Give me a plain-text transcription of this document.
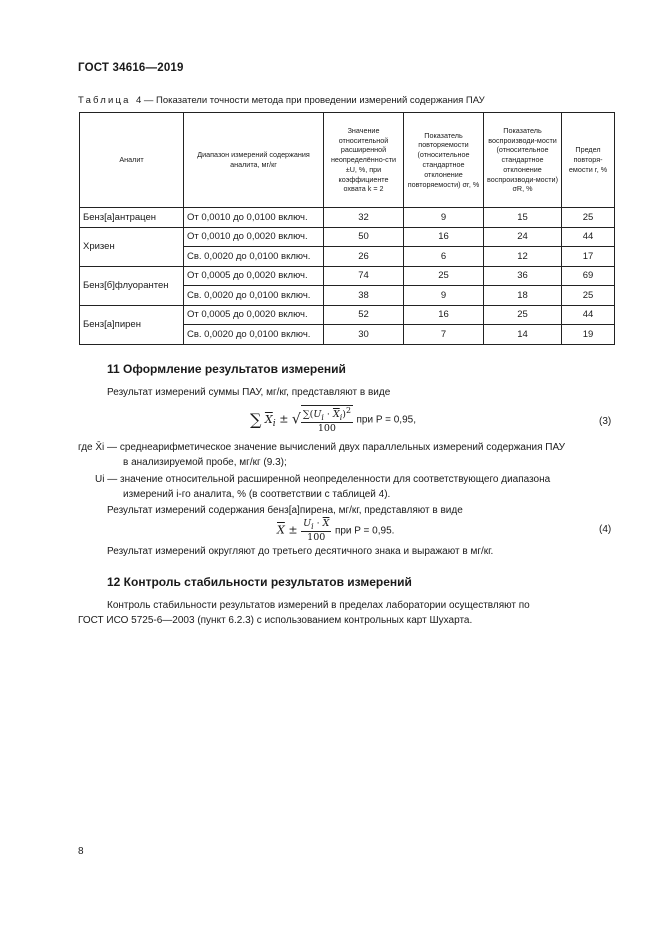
ГОСТ 34616—2019
Таблица 4 — Показатели точности метода при проведении измерений содержания ПАУ
Аналит	Диапазон измерений содержания аналита, мг/кг	Значение относительной расширенной неопределённо-сти ±U, %, при коэффициенте охвата k = 2	Показатель повторяемости (относительное стандартное отклонение повторяемости) σr, %	Показатель воспроизводи-мости (относительное стандартное отклонение воспроизводи-мости) σR, %	Предел повторя-емости r, %
Бенз[а]антрацен	От 0,0010 до 0,0100 включ.	32	9	15	25
Хризен	От 0,0010 до 0,0020 включ.	50	16	24	44
	Св. 0,0020 до 0,0100 включ.	26	6	12	17
Бенз[б]флуорантен	От 0,0005 до 0,0020 включ.	74	25	36	69
	Св. 0,0020 до 0,0100 включ.	38	9	18	25
Бенз[а]пирен	От 0,0005 до 0,0020 включ.	52	16	25	44
	Св. 0,0020 до 0,0100 включ.	30	7	14	19
11 Оформление результатов измерений
Результат измерений суммы ПАУ, мг/кг, представляют в виде
∑ $\overline{X}_i$ ± √ $\frac{\sum(U_i \cdot \overline{X}_i)^2}{100}$ при P = 0,95,	(3)
где X̄i — среднеарифметическое значение вычислений двух параллельных измерений содержания ПАУ
в анализируемой пробе, мг/кг (9.3);
Ui — значение относительной расширенной неопределенности для соответствующего диапазона
измерений i-го аналита, % (в соответствии с таблицей 4).
Результат измерений содержания бенз[а]пирена, мг/кг, представляют в виде
$\overline{X} \pm \frac{U_i \cdot \overline{X}}{100}$ при P = 0,95.	(4)
Результат измерений округляют до третьего десятичного знака и выражают в мг/кг.
12 Контроль стабильности результатов измерений
Контроль стабильности результатов измерений в пределах лаборатории осуществляют по
ГОСТ ИСО 5725-6—2003 (пункт 6.2.3) с использованием контрольных карт Шухарта.
8
